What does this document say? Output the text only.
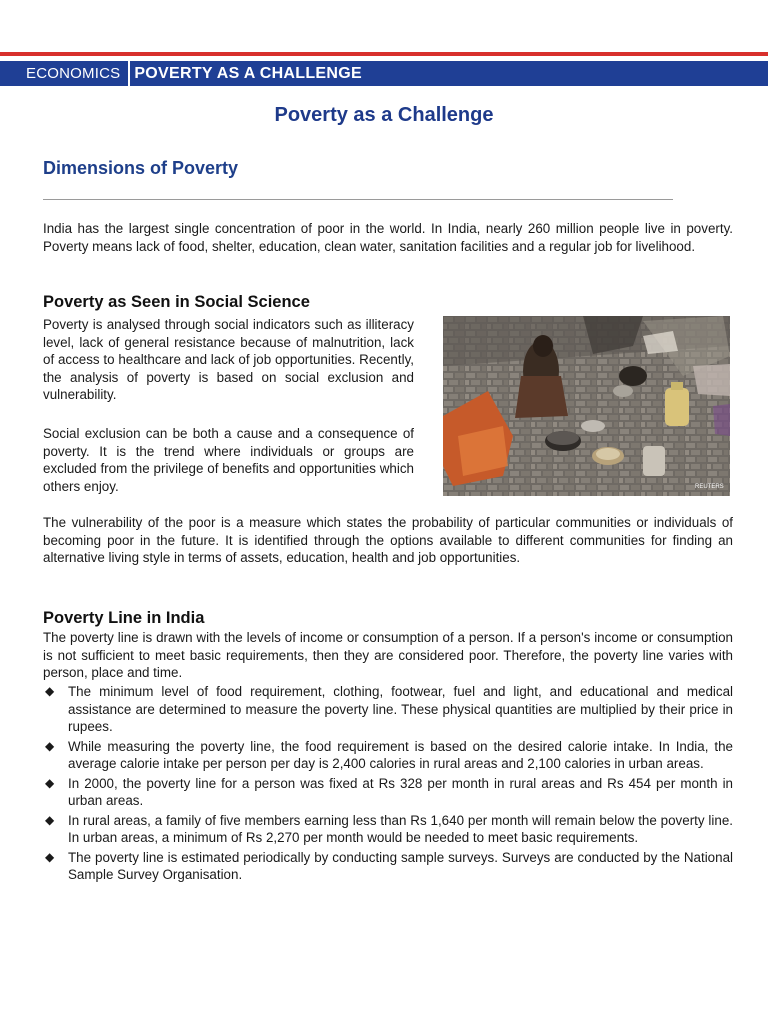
ECONOMICS POVERTY AS A CHALLENGE
Poverty as a Challenge
Dimensions of Poverty
India has the largest single concentration of poor in the world. In India, nearly 260 million people live in poverty. Poverty means lack of food, shelter, education, clean water, sanitation facilities and a regular job for livelihood.
Poverty as Seen in Social Science
Poverty is analysed through social indicators such as illiteracy level, lack of general resistance because of malnutrition, lack of access to healthcare and lack of job opportunities. Recently, the analysis of poverty is based on social exclusion and vulnerability.
Social exclusion can be both a cause and a consequence of poverty. It is the trend where individuals or groups are excluded from the privilege of benefits and opportunities which others enjoy.	REUTERS
The vulnerability of the poor is a measure which states the probability of particular communities or individuals of becoming poor in the future. It is identified through the options available to different communities for finding an alternative living style in terms of assets, education, health and job opportunities.
Poverty Line in India
The poverty line is drawn with the levels of income or consumption of a person. If a person's income or consumption is not sufficient to meet basic requirements, then they are considered poor. Therefore, the poverty line varies with person, place and time.
◆ The minimum level of food requirement, clothing, footwear, fuel and light, and educational and medical assistance are determined to measure the poverty line. These physical quantities are multiplied by their price in rupees.
◆ While measuring the poverty line, the food requirement is based on the desired calorie intake. In India, the average calorie intake per person per day is 2,400 calories in rural areas and 2,100 calories in urban areas.
◆ In 2000, the poverty line for a person was fixed at Rs 328 per month in rural areas and Rs 454 per month in urban areas.
◆ In rural areas, a family of five members earning less than Rs 1,640 per month will remain below the poverty line. In urban areas, a minimum of Rs 2,270 per month would be needed to meet basic requirements.
◆ The poverty line is estimated periodically by conducting sample surveys. Surveys are conducted by the National Sample Survey Organisation.
